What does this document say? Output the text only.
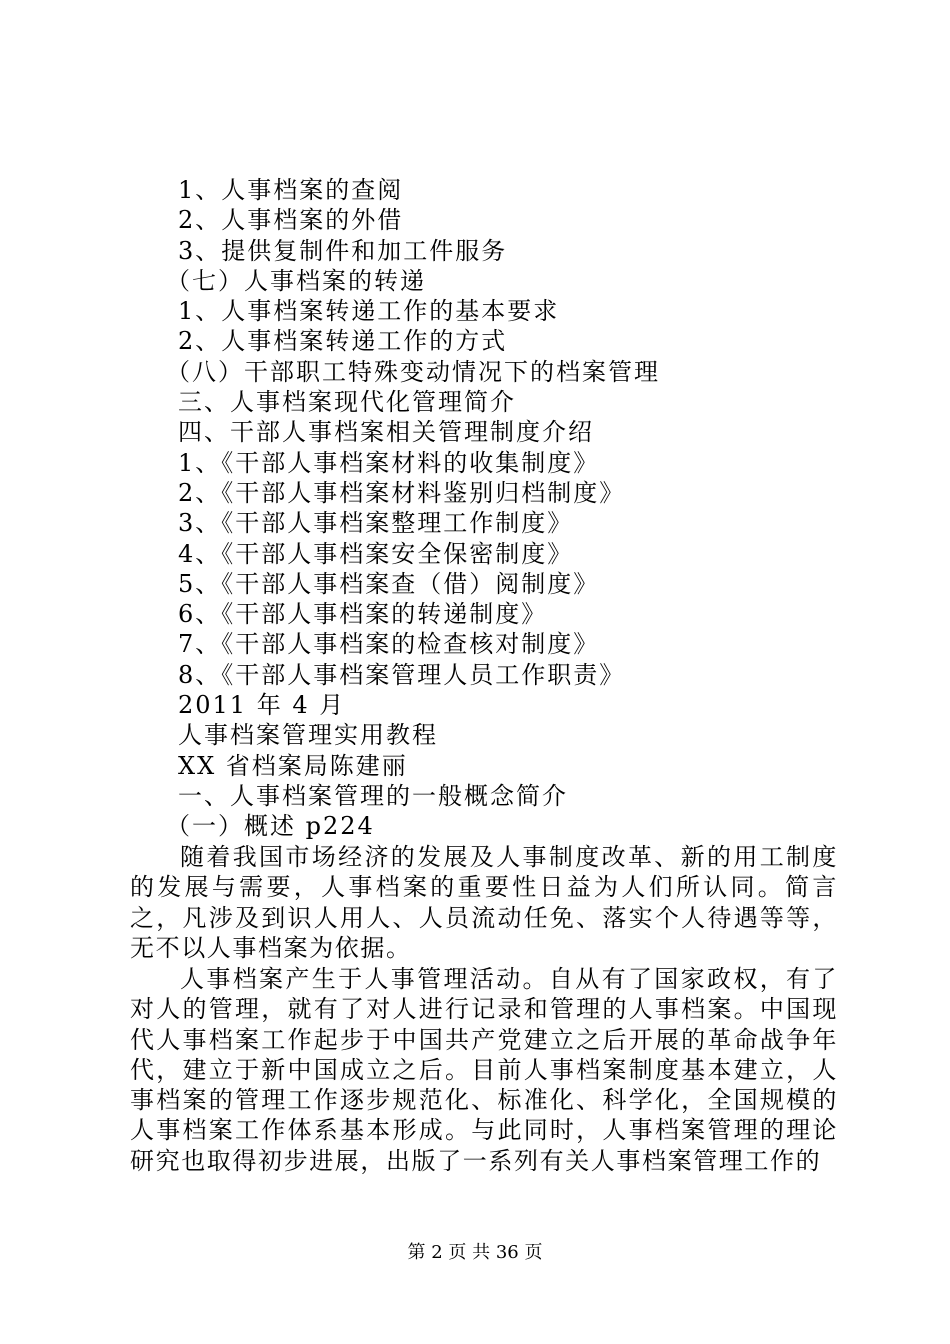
1、人事档案的查阅
2、人事档案的外借
3、提供复制件和加工件服务
（七）人事档案的转递
1、人事档案转递工作的基本要求
2、人事档案转递工作的方式
（八）干部职工特殊变动情况下的档案管理
三、人事档案现代化管理简介
四、干部人事档案相关管理制度介绍
1、《干部人事档案材料的收集制度》
2、《干部人事档案材料鉴别归档制度》
3、《干部人事档案整理工作制度》
4、《干部人事档案安全保密制度》
5、《干部人事档案查（借）阅制度》
6、《干部人事档案的转递制度》
7、《干部人事档案的检查核对制度》
8、《干部人事档案管理人员工作职责》
2011 年 4 月
人事档案管理实用教程
XX 省档案局陈建丽
一、人事档案管理的一般概念简介
（一）概述 p224

随着我国市场经济的发展及人事制度改革、新的用工制度的发展与需要，人事档案的重要性日益为人们所认同。简言之，凡涉及到识人用人、人员流动任免、落实个人待遇等等，无不以人事档案为依据。

人事档案产生于人事管理活动。自从有了国家政权，有了对人的管理，就有了对人进行记录和管理的人事档案。中国现代人事档案工作起步于中国共产党建立之后开展的革命战争年代，建立于新中国成立之后。目前人事档案制度基本建立，人事档案的管理工作逐步规范化、标准化、科学化，全国规模的人事档案工作体系基本形成。与此同时，人事档案管理的理论研究也取得初步进展，出版了一系列有关人事档案管理工作的

第 2 页 共 36 页
